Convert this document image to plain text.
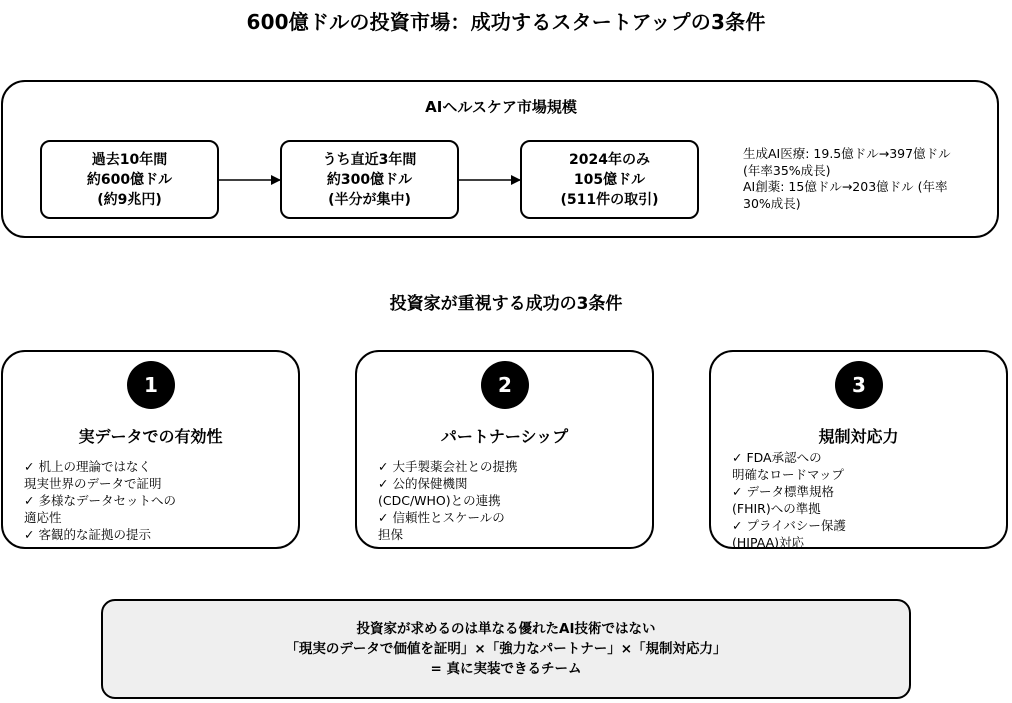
600億ドルの投資市場：成功するスタートアップの3条件
AIヘルスケア市場規模
過去10年間
約600億ドル
(約9兆円)
うち直近3年間
約300億ドル
(半分が集中)
2024年のみ
105億ドル
(511件の取引)
生成AI医療: 19.5億ドル→397億ドル
(年率35%成長)
AI創薬: 15億ドル→203億ドル (年率
30%成長)
投資家が重視する成功の3条件
1
実データでの有効性
✓ 机上の理論ではなく
現実世界のデータで証明
✓ 多様なデータセットへの
適応性
✓ 客観的な証拠の提示
2
パートナーシップ
✓ 大手製薬会社との提携
✓ 公的保健機関
(CDC/WHO)との連携
✓ 信頼性とスケールの
担保
3
規制対応力
✓ FDA承認への
明確なロードマップ
✓ データ標準規格
(FHIR)への準拠
✓ プライバシー保護
(HIPAA)対応
投資家が求めるのは単なる優れたAI技術ではない
「現実のデータで価値を証明」×「強力なパートナー」×「規制対応力」
= 真に実装できるチーム
